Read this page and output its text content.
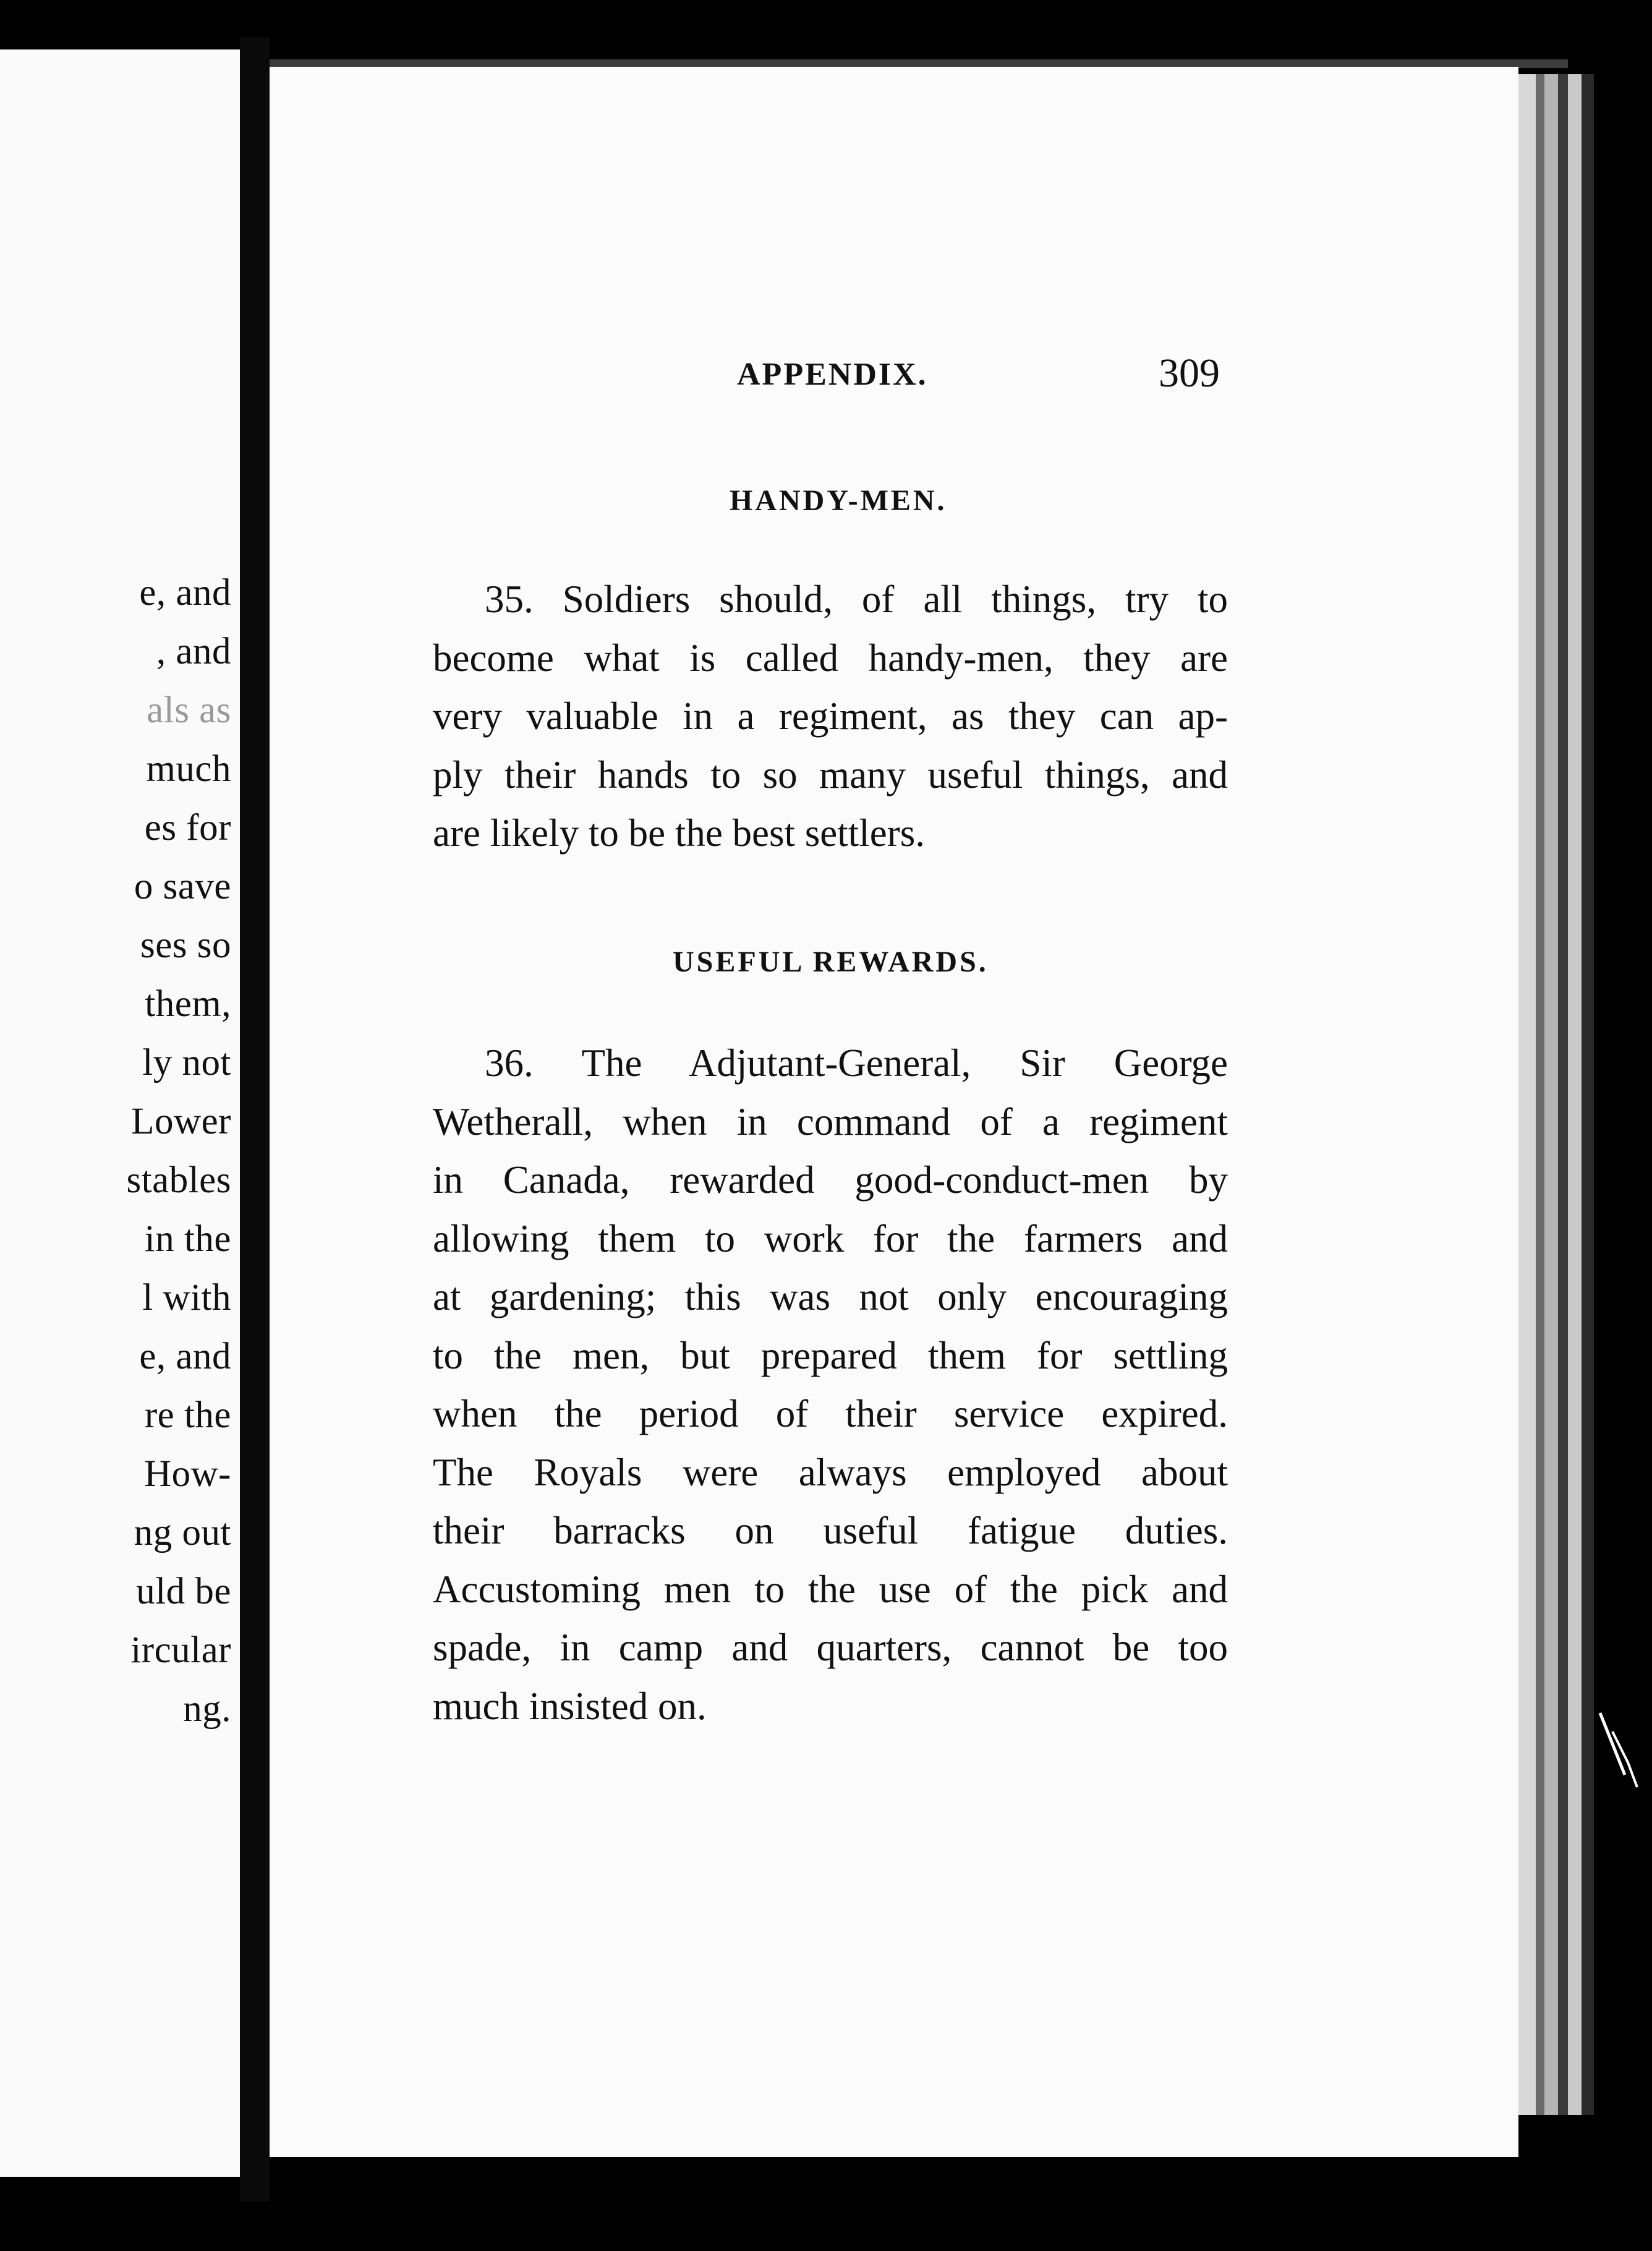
e, and
, and
als as
much
es for
o save
ses so
them,
ly not
Lower
stables
in the
l with
e, and
re the
How-
ng out
uld be
ircular
ng.
APPENDIX.	309
HANDY-MEN.
35. Soldiers should, of all things, try to
become what is called handy-men, they are
very valuable in a regiment, as they can ap-
ply their hands to so many useful things, and
are likely to be the best settlers.
USEFUL REWARDS.
36. The Adjutant-General, Sir George
Wetherall, when in command of a regiment
in Canada, rewarded good-conduct-men by
allowing them to work for the farmers and
at gardening; this was not only encouraging
to the men, but prepared them for settling
when the period of their service expired.
The Royals were always employed about
their barracks on useful fatigue duties.
Accustoming men to the use of the pick and
spade, in camp and quarters, cannot be too
much insisted on.
